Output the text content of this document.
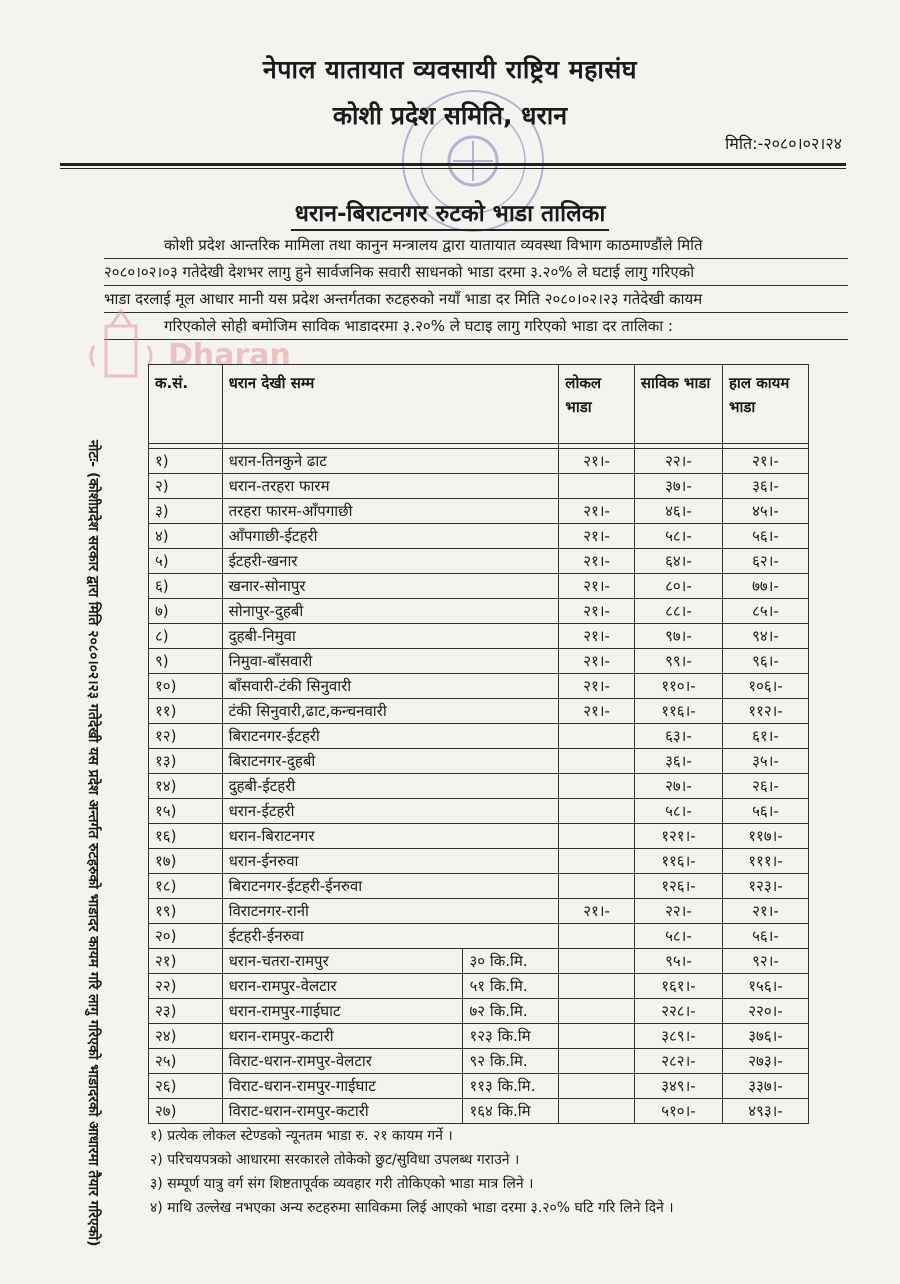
नेपाल यातायात व्यवसायी राष्ट्रिय महासंघ
कोशी प्रदेश समिति, धरान
मिति:-२०८०।०२।२४
धरान-बिराटनगर रुटको भाडा तालिका

कोशी प्रदेश आन्तरिक मामिला तथा कानुन मन्त्रालय द्वारा यातायात व्यवस्था विभाग काठमाण्डौंले मिति

२०८०।०२।०३ गतेदेखी देशभर लागु हुने सार्वजनिक सवारी साधनको भाडा दरमा ३.२०% ले घटाई लागु गरिएको

भाडा दरलाई मूल आधार मानी यस प्रदेश अन्तर्गतका रुटहरुको नयाँ भाडा दर मिति २०८०।०२।२३ गतेदेखी कायम

गरिएकोले सोही बमोजिम साविक भाडादरमा ३.२०% ले घटाइ लागु गरिएको भाडा दर तालिका :

Dharan
क.सं.	धरान देखी सम्म		लोकल भाडा	साविक भाडा	हाल कायम भाडा

१)	धरान-तिनकुने ढाट		२१।-	२२।-	२१।-
२)	धरान-तरहरा फारम			३७।-	३६।-
३)	तरहरा फारम-आँपगाछी		२१।-	४६।-	४५।-
४)	आँपगाछी-ईटहरी		२१।-	५८।-	५६।-
५)	ईटहरी-खनार		२१।-	६४।-	६२।-
६)	खनार-सोनापुर		२१।-	८०।-	७७।-
७)	सोनापुर-दुहबी		२१।-	८८।-	८५।-
८)	दुहबी-निमुवा		२१।-	९७।-	९४।-
९)	निमुवा-बाँसवारी		२१।-	९९।-	९६।-
१०)	बाँसवारी-टंकी सिनुवारी		२१।-	११०।-	१०६।-
११)	टंकी सिनुवारी,ढाट,कन्चनवारी		२१।-	११६।-	११२।-
१२)	बिराटनगर-ईटहरी			६३।-	६१।-
१३)	बिराटनगर-दुहबी			३६।-	३५।-
१४)	दुहबी-ईटहरी			२७।-	२६।-
१५)	धरान-ईटहरी			५८।-	५६।-
१६)	धरान-बिराटनगर			१२१।-	११७।-
१७)	धरान-ईनरुवा			११६।-	१११।-
१८)	बिराटनगर-ईटहरी-ईनरुवा			१२६।-	१२३।-
१९)	विराटनगर-रानी		२१।-	२२।-	२१।-
२०)	ईटहरी-ईनरुवा			५८।-	५६।-
२१)	धरान-चतरा-रामपुर	३० कि.मि.		९५।-	९२।-
२२)	धरान-रामपुर-वेलटार	५१ कि.मि.		१६१।-	१५६।-
२३)	धरान-रामपुर-गाईघाट	७२ कि.मि.		२२८।-	२२०।-
२४)	धरान-रामपुर-कटारी	१२३ कि.मि		३८९।-	३७६।-
२५)	विराट-धरान-रामपुर-वेलटार	९२ कि.मि.		२८२।-	२७३।-
२६)	विराट-धरान-रामपुर-गाईघाट	११३ कि.मि.		३४९।-	३३७।-
२७)	विराट-धरान-रामपुर-कटारी	१६४ कि.मि		५१०।-	४९३।-
नोटः- (कोशीप्रदेश सरकार द्वारा मिति २०८०।०२।२३ गतेदेखी यस प्रदेश अन्तर्गत रुटहरुको भाडादर कायम गरि लागु गरिएको भाडादरको आधारमा तैयार गरिएको)	१) प्रत्येक लोकल स्टेण्डको न्यूनतम भाडा रु. २१ कायम गर्ने ।
२) परिचयपत्रको आधारमा सरकारले तोकेको छुट/सुविधा उपलब्ध गराउने ।
३) सम्पूर्ण यात्रु वर्ग संग शिष्टतापूर्वक व्यवहार गरी तोकिएको भाडा मात्र लिने ।
४) माथि उल्लेख नभएका अन्य रुटहरुमा साविकमा लिई आएको भाडा दरमा ३.२०% घटि गरि लिने दिने ।
